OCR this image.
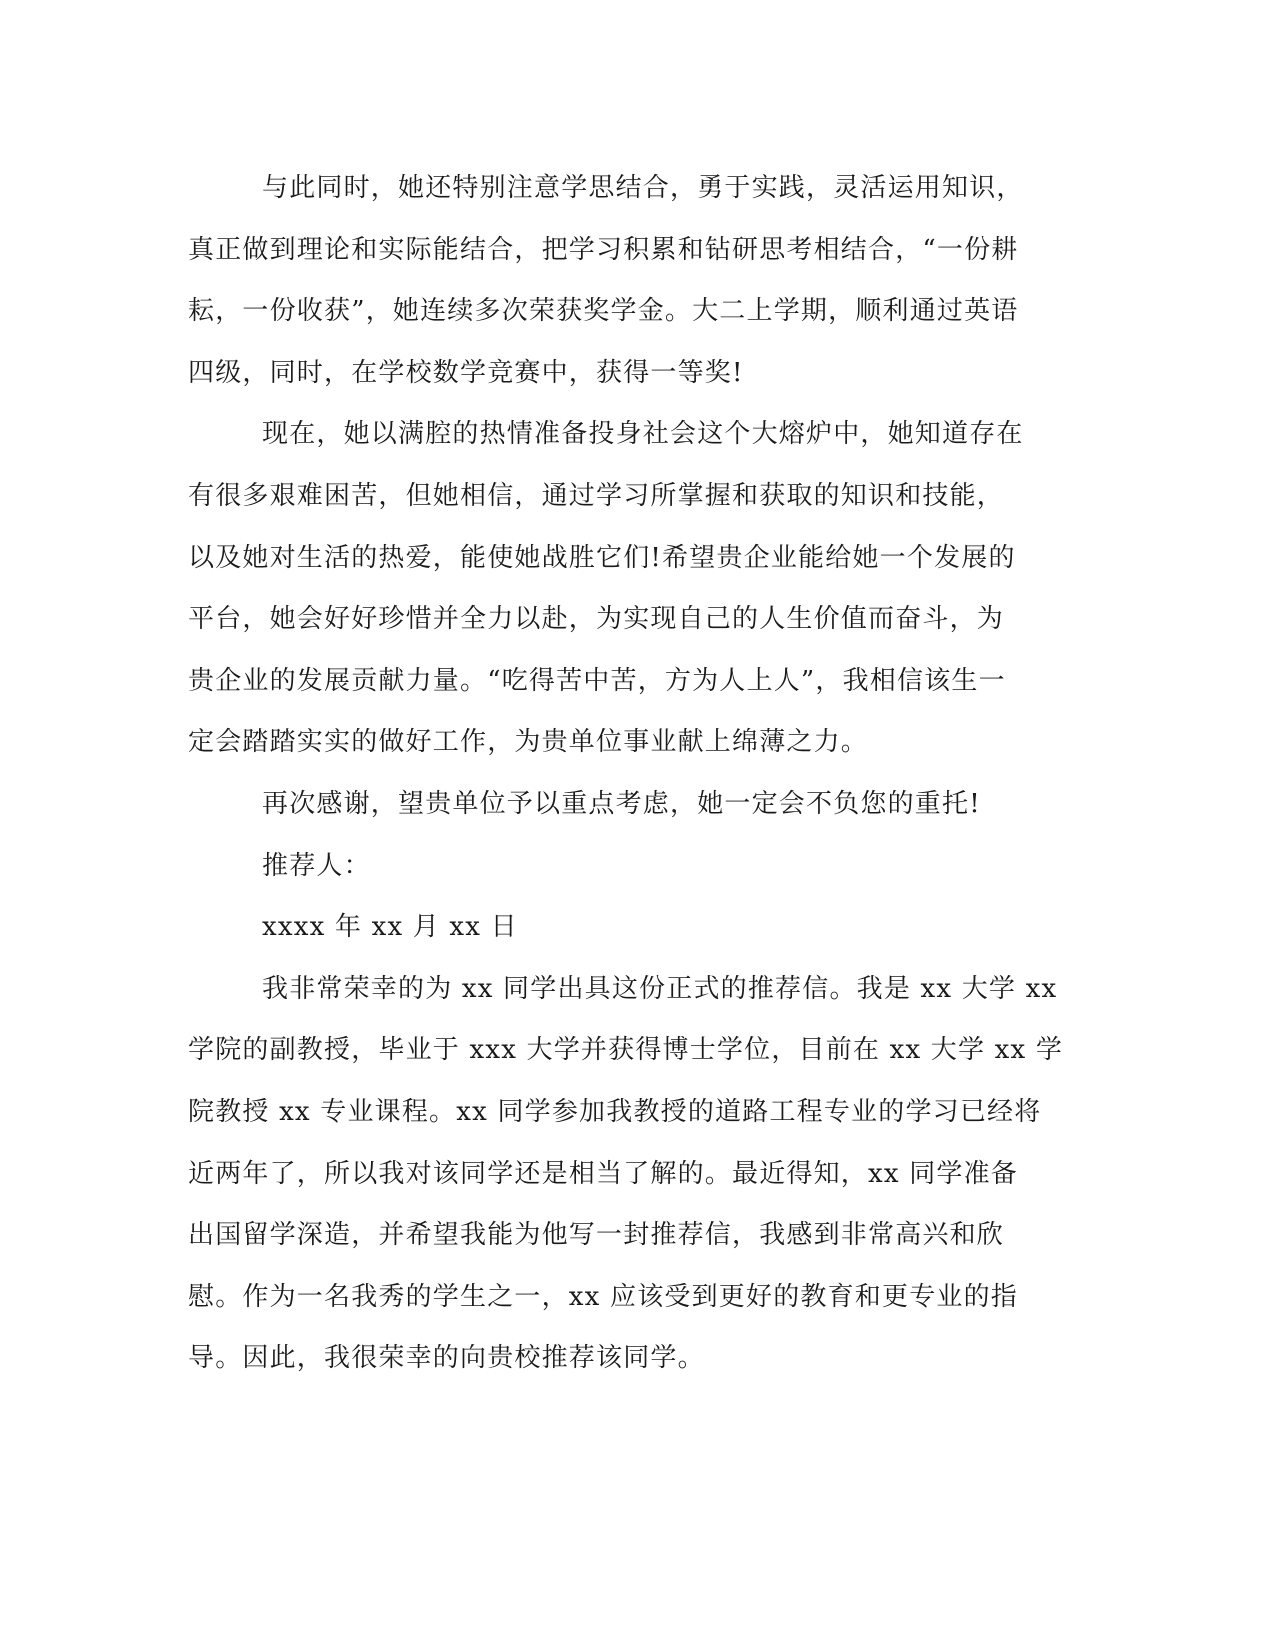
与此同时，她还特别注意学思结合，勇于实践，灵活运用知识，
真正做到理论和实际能结合，把学习积累和钻研思考相结合，“一份耕
耘，一份收获”，她连续多次荣获奖学金。大二上学期，顺利通过英语
四级，同时，在学校数学竞赛中，获得一等奖!
现在，她以满腔的热情准备投身社会这个大熔炉中，她知道存在
有很多艰难困苦，但她相信，通过学习所掌握和获取的知识和技能，
以及她对生活的热爱，能使她战胜它们!希望贵企业能给她一个发展的
平台，她会好好珍惜并全力以赴，为实现自己的人生价值而奋斗，为
贵企业的发展贡献力量。“吃得苦中苦，方为人上人”，我相信该生一
定会踏踏实实的做好工作，为贵单位事业献上绵薄之力。
再次感谢，望贵单位予以重点考虑，她一定会不负您的重托!
推荐人：
xxxx 年 xx 月 xx 日
我非常荣幸的为 xx 同学出具这份正式的推荐信。我是 xx 大学 xx
学院的副教授，毕业于 xxx 大学并获得博士学位，目前在 xx 大学 xx 学
院教授 xx 专业课程。xx 同学参加我教授的道路工程专业的学习已经将
近两年了，所以我对该同学还是相当了解的。最近得知，xx 同学准备
出国留学深造，并希望我能为他写一封推荐信，我感到非常高兴和欣
慰。作为一名我秀的学生之一，xx 应该受到更好的教育和更专业的指
导。因此，我很荣幸的向贵校推荐该同学。
